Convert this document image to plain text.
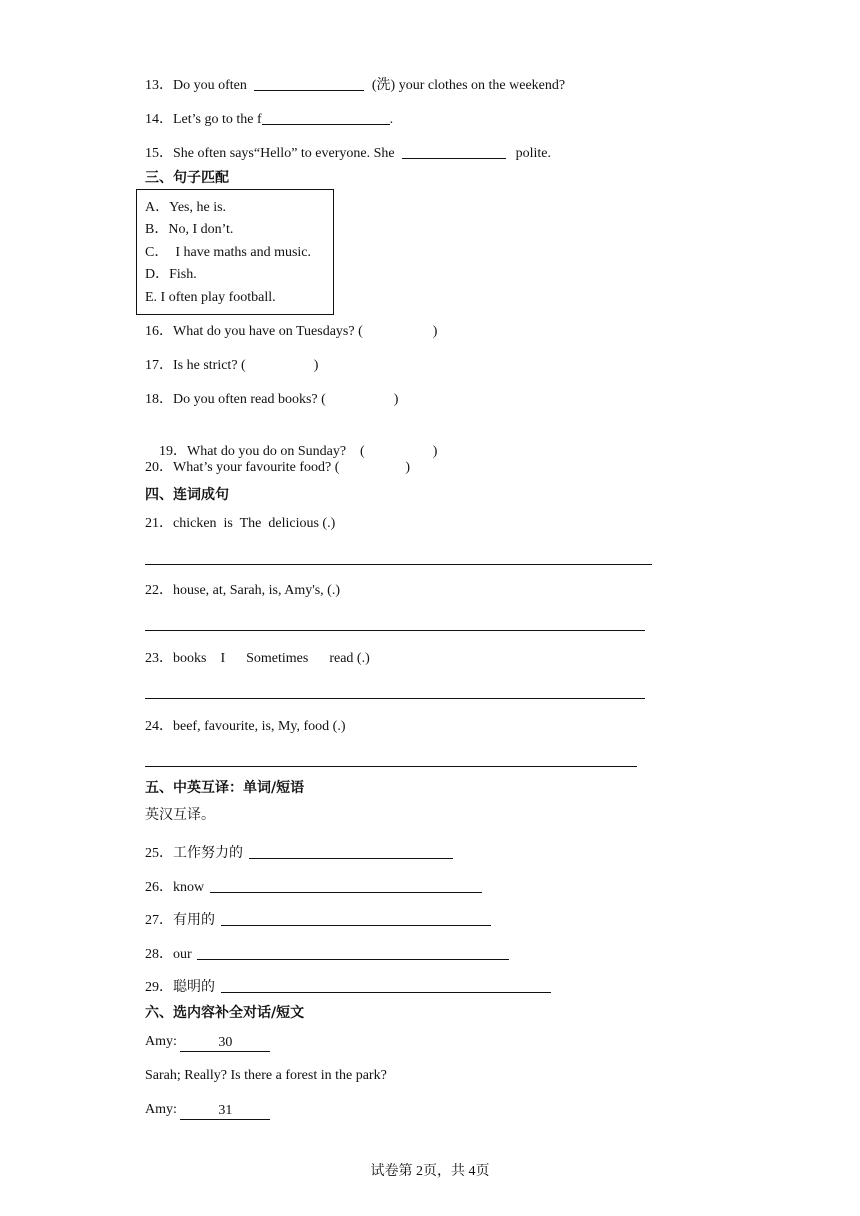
13．Do you often	(洗) your clothes on the weekend?
14．Let’s go to the f	.
15．She often says“Hello” to everyone. She	polite.
三、句子匹配
A．Yes, he is.
B．No, I don’t.
C．  I have maths and music.
D．Fish.
E. I often play football.
16．What do you have on Tuesdays? (	)
17．Is he strict? (	)
18．Do you often read books? (	)

19．What do you do on Sunday?    (	)

20．What’s your favourite food? (	)
四、连词成句
21．chicken  is  The  delicious (.)
22．house, at, Sarah, is, Amy's, (.)
23．books    I      Sometimes      read (.)
24．beef, favourite, is, My, food (.)
五、中英互译：单词/短语
英汉互译。
25．工作努力的
26．know
27．有用的
28．our
29．聪明的
六、选内容补全对话/短文
Amy:	30
Sarah; Really? Is there a forest in the park?
Amy:	31
试卷第 2页，共 4页
